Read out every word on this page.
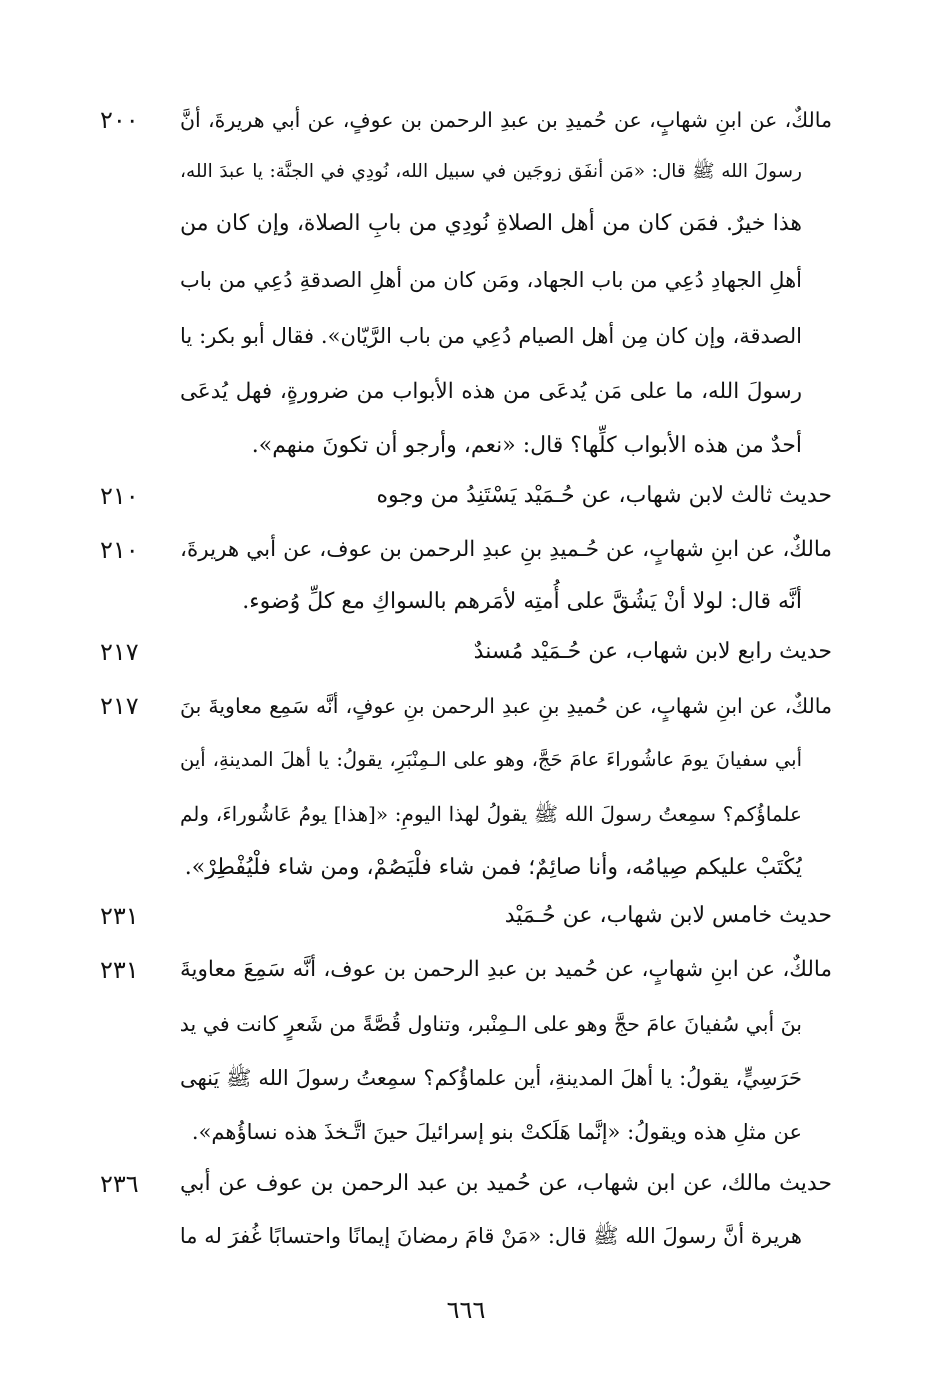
٢٠٠	مالكٌ، عن ابنِ شهابٍ، عن حُميدِ بن عبدِ الرحمن بن عوفٍ، عن أبي هريرةَ، أنَّ
رسولَ الله ﷺ قال: «مَن أنفَق زوجَين في سبيل الله، نُودِي في الجنَّة: يا عبدَ الله،
هذا خيرٌ. فمَن كان من أهل الصلاةِ نُودِي من بابِ الصلاة، وإن كان من
أهلِ الجهادِ دُعِي من باب الجهاد، ومَن كان من أهلِ الصدقةِ دُعِي من باب
الصدقة، وإن كان مِن أهل الصيام دُعِي من باب الرَّيّان». فقال أبو بكر: يا
رسولَ الله، ما على مَن يُدعَى من هذه الأبواب من ضرورةٍ، فهل يُدعَى
أحدٌ من هذه الأبواب كلِّها؟ قال: «نعم، وأرجو أن تكونَ منهم».
٢١٠	حديث ثالث لابن شهاب، عن حُـمَيْد يَسْتَنِدُ من وجوه
٢١٠	مالكٌ، عن ابنِ شهابٍ، عن حُـميدِ بنِ عبدِ الرحمن بن عوف، عن أبي هريرةَ،
أنَّه قال: لولا أنْ يَشُقَّ على أُمتِه لأمَرهم بالسواكِ مع كلِّ وُضوء.
٢١٧	حديث رابع لابن شهاب، عن حُـمَيْد مُسندٌ
٢١٧	مالكٌ، عن ابنِ شهابٍ، عن حُميدِ بنِ عبدِ الرحمن بنِ عوفٍ، أنَّه سَمِع معاويةَ بنَ
أبي سفيانَ يومَ عاشُوراءَ عامَ حَجَّ، وهو على الـمِنْبَرِ، يقولُ: يا أهلَ المدينةِ، أين
علماؤُكم؟ سمِعتُ رسولَ الله ﷺ يقولُ لهذا اليومِ: «[هذا] يومُ عَاشُوراءَ، ولم
يُكْتَبْ عليكم صِيامُه، وأنا صائِمٌ؛ فمن شاء فلْيَصُمْ، ومن شاء فلْيُفْطِرْ».
٢٣١	حديث خامس لابن شهاب، عن حُـمَيْد
٢٣١	مالكٌ، عن ابنِ شهابٍ، عن حُميد بن عبدِ الرحمن بن عوف، أنَّه سَمِعَ معاويةَ
بنَ أبي سُفيانَ عامَ حجَّ وهو على الـمِنْبر، وتناول قُصَّةً من شَعرٍ كانت في يد
حَرَسِيٍّ، يقولُ: يا أهلَ المدينةِ، أين علماؤُكم؟ سمِعتُ رسولَ الله ﷺ يَنهى
عن مثلِ هذه ويقولُ: «إنَّما هَلَكتْ بنو إسرائيلَ حينَ اتَّـخذَ هذه نساؤُهم».
٢٣٦	حديث مالك، عن ابن شهاب، عن حُميد بن عبد الرحمن بن عوف عن أبي
هريرة أنَّ رسولَ الله ﷺ قال: «مَنْ قامَ رمضانَ إيمانًا واحتسابًا غُفرَ له ما
٦٦٦
